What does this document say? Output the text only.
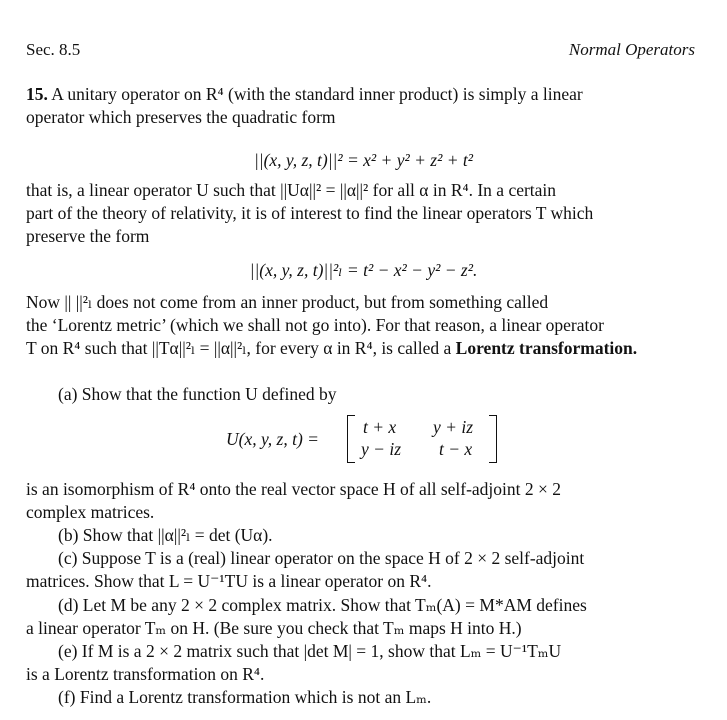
Sec. 8.5	Normal Operators

15. A unitary operator on R⁴ (with the standard inner product) is simply a linear
operator which preserves the quadratic form

||(x, y, z, t)||² = x² + y² + z² + t²

that is, a linear operator U such that ||Uα||² = ||α||² for all α in R⁴. In a certain
part of the theory of relativity, it is of interest to find the linear operators T which
preserve the form

||(x, y, z, t)||²ₗ = t² − x² − y² − z².

Now || ||²ₗ does not come from an inner product, but from something called
the ‘Lorentz metric’ (which we shall not go into). For that reason, a linear operator
T on R⁴ such that ||Tα||²ₗ = ||α||²ₗ, for every α in R⁴, is called a Lorentz transformation.

(a) Show that the function U defined by

U(x, y, z, t) =
t + x y + iz
y − iz t − x

is an isomorphism of R⁴ onto the real vector space H of all self-adjoint 2 × 2
complex matrices.

(b) Show that ||α||²ₗ = det (Uα).

(c) Suppose T is a (real) linear operator on the space H of 2 × 2 self-adjoint
matrices. Show that L = U⁻¹TU is a linear operator on R⁴.

(d) Let M be any 2 × 2 complex matrix. Show that Tₘ(A) = M*AM defines
a linear operator Tₘ on H. (Be sure you check that Tₘ maps H into H.)

(e) If M is a 2 × 2 matrix such that |det M| = 1, show that Lₘ = U⁻¹TₘU
is a Lorentz transformation on R⁴.

(f) Find a Lorentz transformation which is not an Lₘ.
